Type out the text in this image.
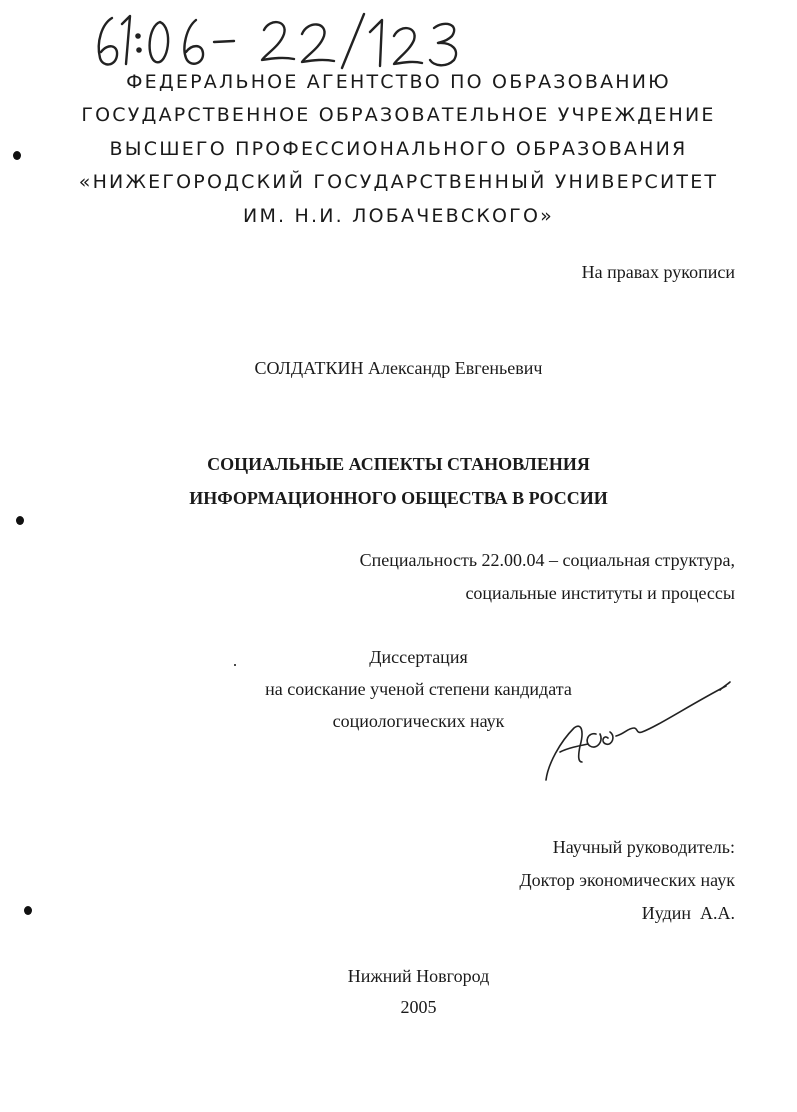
ФЕДЕРАЛЬНОЕ АГЕНТСТВО ПО ОБРАЗОВАНИЮ
ГОСУДАРСТВЕННОЕ ОБРАЗОВАТЕЛЬНОЕ УЧРЕЖДЕНИЕ
ВЫСШЕГО ПРОФЕССИОНАЛЬНОГО ОБРАЗОВАНИЯ
«НИЖЕГОРОДСКИЙ ГОСУДАРСТВЕННЫЙ УНИВЕРСИТЕТ
ИМ. Н.И. ЛОБАЧЕВСКОГО»
На правах рукописи
СОЛДАТКИН Александр Евгеньевич
СОЦИАЛЬНЫЕ АСПЕКТЫ СТАНОВЛЕНИЯ
ИНФОРМАЦИОННОГО ОБЩЕСТВА В РОССИИ
Специальность 22.00.04 – социальная структура,
социальные институты и процессы
Диссертация
на соискание ученой степени кандидата
социологических наук
Научный руководитель:
Доктор экономических наук
Иудин  А.А.
Нижний Новгород
2005
